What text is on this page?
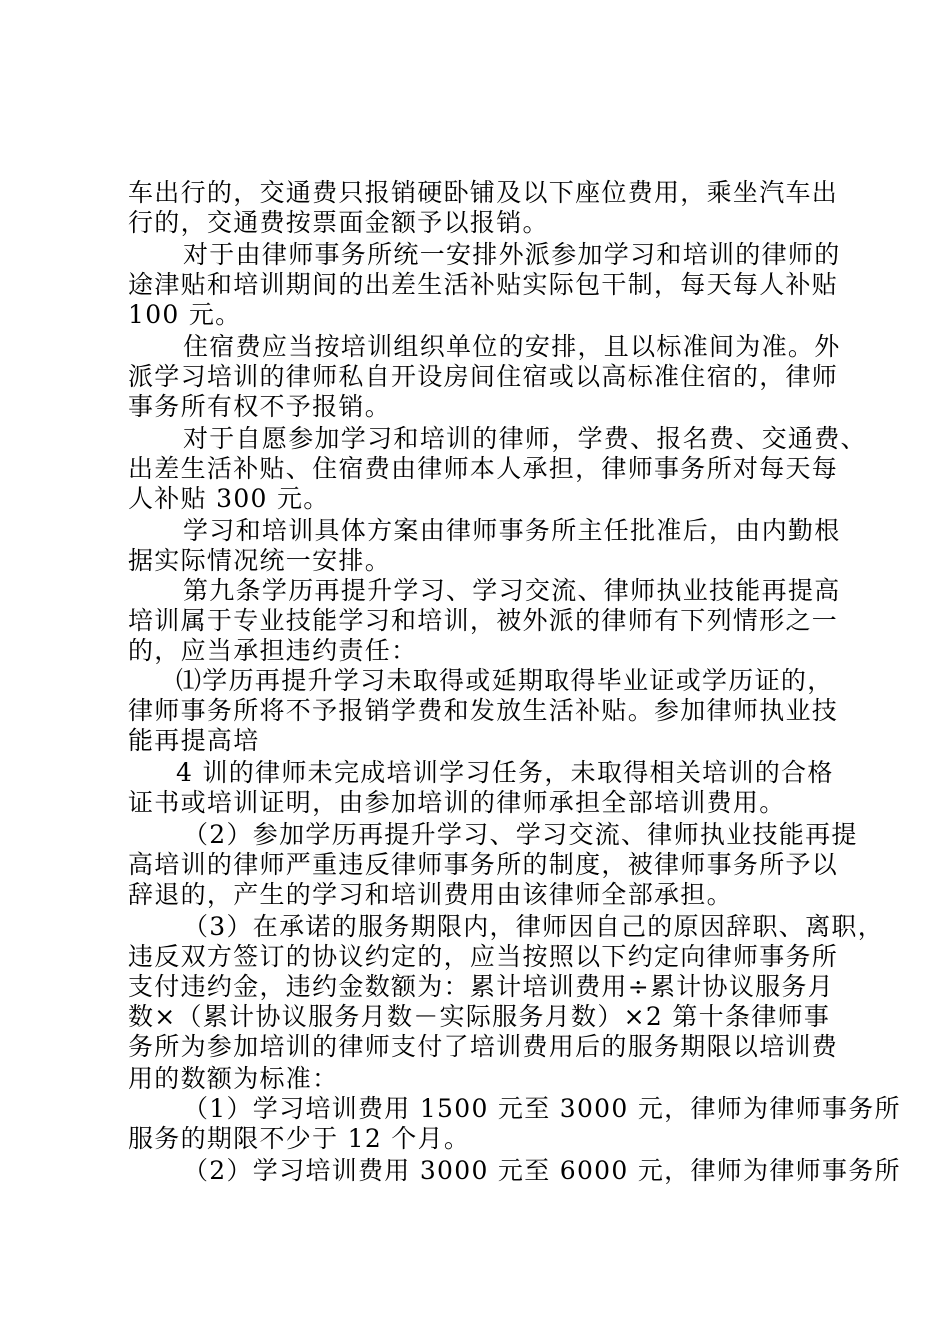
车出行的，交通费只报销硬卧铺及以下座位费用，乘坐汽车出
行的，交通费按票面金额予以报销。
对于由律师事务所统一安排外派参加学习和培训的律师的
途津贴和培训期间的出差生活补贴实际包干制，每天每人补贴
100 元。
住宿费应当按培训组织单位的安排，且以标准间为准。外
派学习培训的律师私自开设房间住宿或以高标准住宿的，律师
事务所有权不予报销。
对于自愿参加学习和培训的律师，学费、报名费、交通费、
出差生活补贴、住宿费由律师本人承担，律师事务所对每天每
人补贴 300 元。
学习和培训具体方案由律师事务所主任批准后，由内勤根
据实际情况统一安排。
第九条学历再提升学习、学习交流、律师执业技能再提高
培训属于专业技能学习和培训，被外派的律师有下列情形之一
的，应当承担违约责任：
⑴学历再提升学习未取得或延期取得毕业证或学历证的，
律师事务所将不予报销学费和发放生活补贴。参加律师执业技
能再提高培
4 训的律师未完成培训学习任务，未取得相关培训的合格
证书或培训证明，由参加培训的律师承担全部培训费用。
（2）参加学历再提升学习、学习交流、律师执业技能再提
高培训的律师严重违反律师事务所的制度，被律师事务所予以
辞退的，产生的学习和培训费用由该律师全部承担。
（3）在承诺的服务期限内，律师因自己的原因辞职、离职，
违反双方签订的协议约定的，应当按照以下约定向律师事务所
支付违约金，违约金数额为：累计培训费用÷累计协议服务月
数×（累计协议服务月数－实际服务月数）×2 第十条律师事
务所为参加培训的律师支付了培训费用后的服务期限以培训费
用的数额为标准：
（1）学习培训费用 1500 元至 3000 元，律师为律师事务所
服务的期限不少于 12 个月。
（2）学习培训费用 3000 元至 6000 元，律师为律师事务所
